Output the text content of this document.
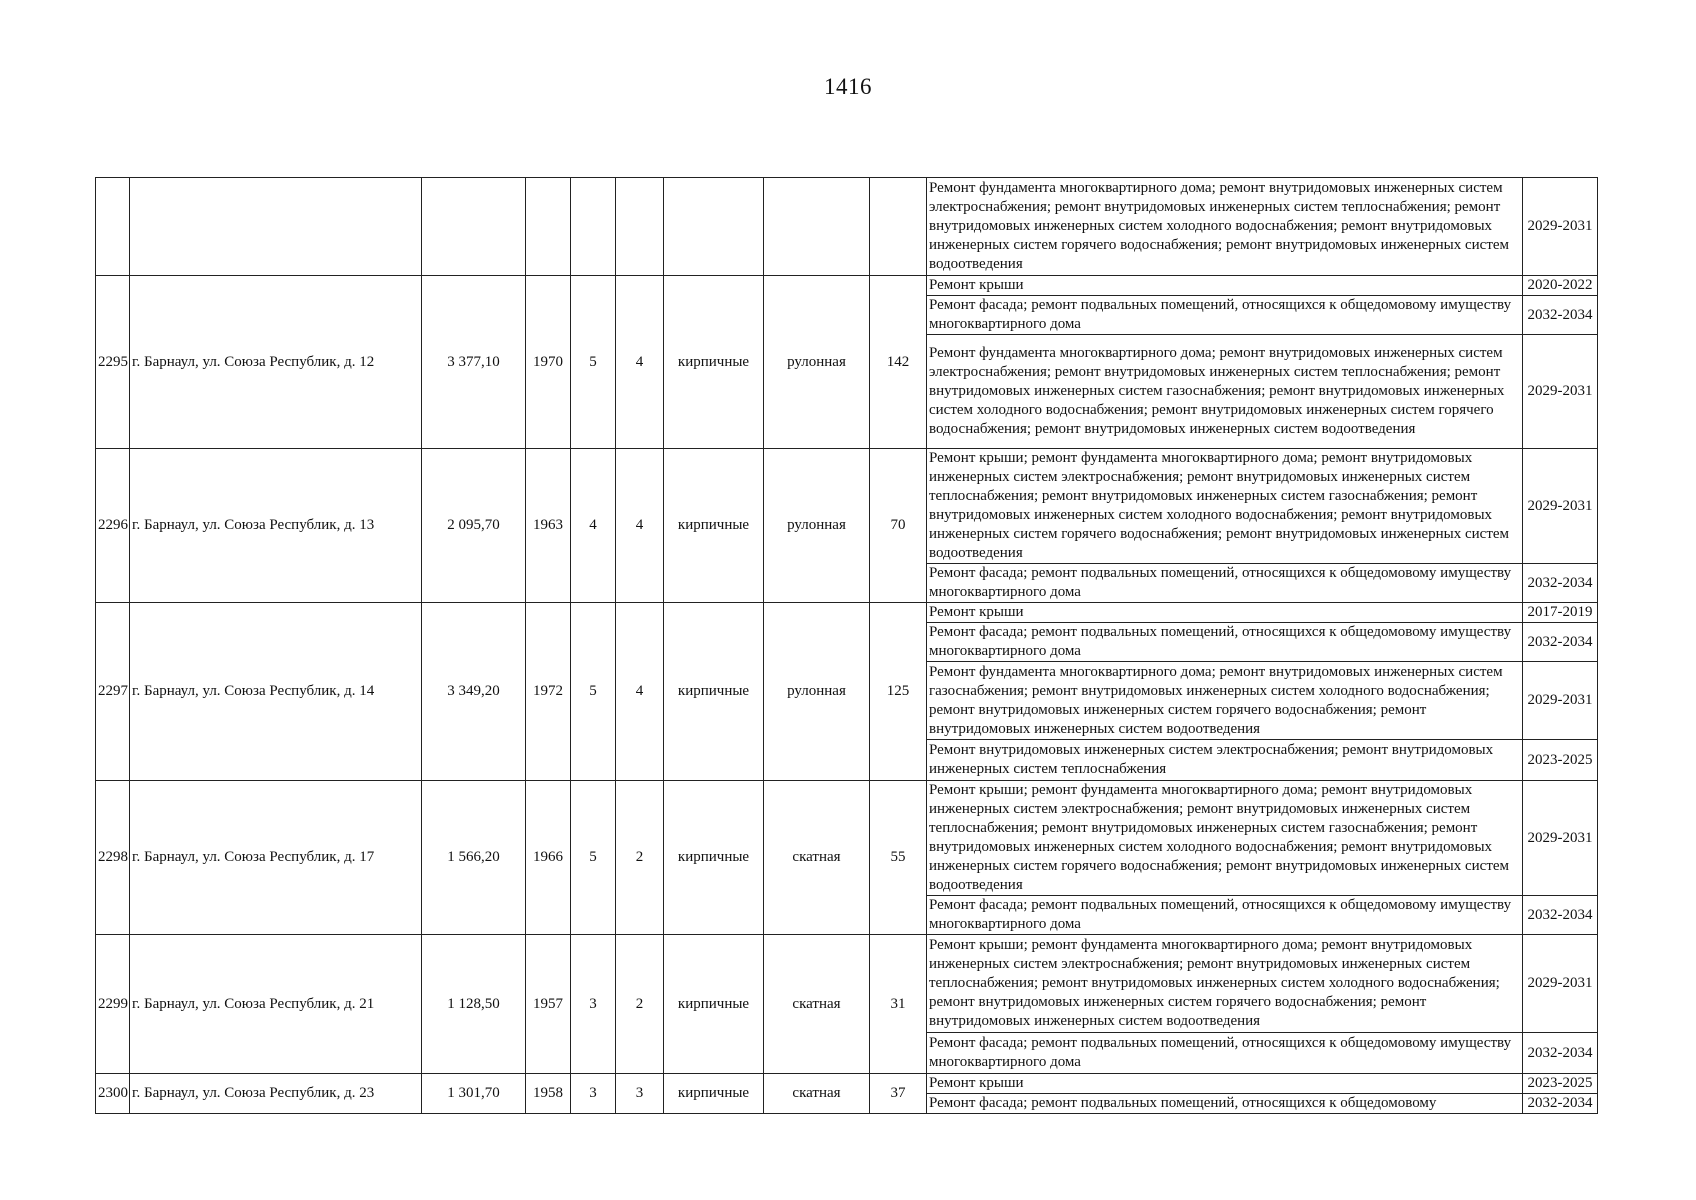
1416
									Ремонт фундамента многоквартирного дома; ремонт внутридомовых инженерных систем электроснабжения; ремонт внутридомовых инженерных систем теплоснабжения; ремонт внутридомовых инженерных систем холодного водоснабжения; ремонт внутридомовых инженерных систем горячего водоснабжения; ремонт внутридомовых инженерных систем водоотведения	2029-2031
2295	г. Барнаул, ул. Союза Республик, д. 12	3 377,10	1970	5	4	кирпичные	рулонная	142	Ремонт крыши	2020-2022
									Ремонт фасада; ремонт подвальных помещений, относящихся к общедомовому имуществу многоквартирного дома	2032-2034
									Ремонт фундамента многоквартирного дома; ремонт внутридомовых инженерных систем электроснабжения; ремонт внутридомовых инженерных систем теплоснабжения; ремонт внутридомовых инженерных систем газоснабжения; ремонт внутридомовых инженерных систем холодного водоснабжения; ремонт внутридомовых инженерных систем горячего водоснабжения; ремонт внутридомовых инженерных систем водоотведения	2029-2031
2296	г. Барнаул, ул. Союза Республик, д. 13	2 095,70	1963	4	4	кирпичные	рулонная	70	Ремонт крыши; ремонт фундамента многоквартирного дома; ремонт внутридомовых инженерных систем электроснабжения; ремонт внутридомовых инженерных систем теплоснабжения; ремонт внутридомовых инженерных систем газоснабжения; ремонт внутридомовых инженерных систем холодного водоснабжения; ремонт внутридомовых инженерных систем горячего водоснабжения; ремонт внутридомовых инженерных систем водоотведения	2029-2031
									Ремонт фасада; ремонт подвальных помещений, относящихся к общедомовому имуществу многоквартирного дома	2032-2034
2297	г. Барнаул, ул. Союза Республик, д. 14	3 349,20	1972	5	4	кирпичные	рулонная	125	Ремонт крыши	2017-2019
									Ремонт фасада; ремонт подвальных помещений, относящихся к общедомовому имуществу многоквартирного дома	2032-2034
									Ремонт фундамента многоквартирного дома; ремонт внутридомовых инженерных систем газоснабжения; ремонт внутридомовых инженерных систем холодного водоснабжения; ремонт внутридомовых инженерных систем горячего водоснабжения; ремонт внутридомовых инженерных систем водоотведения	2029-2031
									Ремонт внутридомовых инженерных систем электроснабжения; ремонт внутридомовых инженерных систем теплоснабжения	2023-2025
2298	г. Барнаул, ул. Союза Республик, д. 17	1 566,20	1966	5	2	кирпичные	скатная	55	Ремонт крыши; ремонт фундамента многоквартирного дома; ремонт внутридомовых инженерных систем электроснабжения; ремонт внутридомовых инженерных систем теплоснабжения; ремонт внутридомовых инженерных систем газоснабжения; ремонт внутридомовых инженерных систем холодного водоснабжения; ремонт внутридомовых инженерных систем горячего водоснабжения; ремонт внутридомовых инженерных систем водоотведения	2029-2031
									Ремонт фасада; ремонт подвальных помещений, относящихся к общедомовому имуществу многоквартирного дома	2032-2034
2299	г. Барнаул, ул. Союза Республик, д. 21	1 128,50	1957	3	2	кирпичные	скатная	31	Ремонт крыши; ремонт фундамента многоквартирного дома; ремонт внутридомовых инженерных систем электроснабжения; ремонт внутридомовых инженерных систем теплоснабжения; ремонт внутридомовых инженерных систем холодного водоснабжения; ремонт внутридомовых инженерных систем горячего водоснабжения; ремонт внутридомовых инженерных систем водоотведения	2029-2031
									Ремонт фасада; ремонт подвальных помещений, относящихся к общедомовому имуществу многоквартирного дома	2032-2034
2300	г. Барнаул, ул. Союза Республик, д. 23	1 301,70	1958	3	3	кирпичные	скатная	37	Ремонт крыши	2023-2025
									Ремонт фасада; ремонт подвальных помещений, относящихся к общедомовому	2032-2034
